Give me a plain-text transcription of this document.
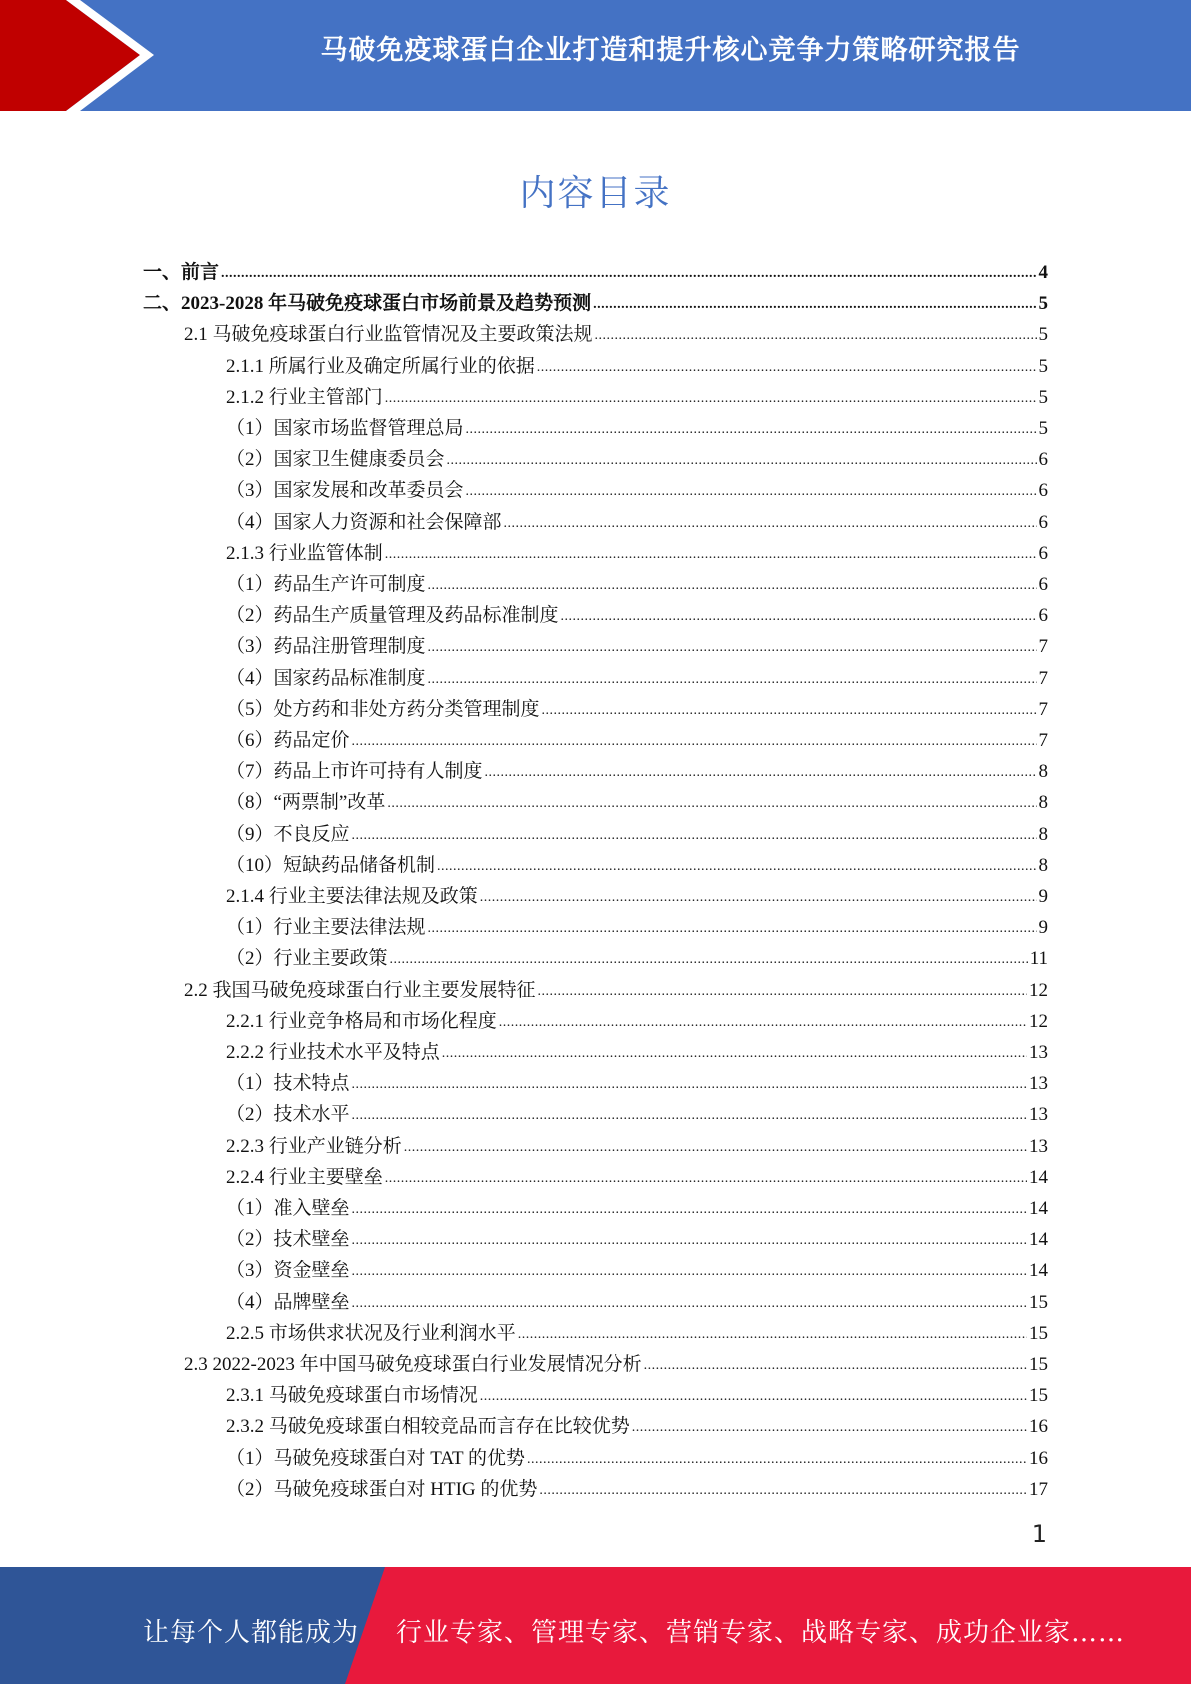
马破免疫球蛋白企业打造和提升核心竞争力策略研究报告
内容目录
一、前言 .....	4
二、2023-2028 年马破免疫球蛋白市场前景及趋势预测 .....	5
2.1 马破免疫球蛋白行业监管情况及主要政策法规 .....	5
2.1.1 所属行业及确定所属行业的依据 .....	5
2.1.2 行业主管部门 .....	5
（1）国家市场监督管理总局 .....	5
（2）国家卫生健康委员会 .....	6
（3）国家发展和改革委员会 .....	6
（4）国家人力资源和社会保障部 .....	6
2.1.3 行业监管体制 .....	6
（1）药品生产许可制度 .....	6
（2）药品生产质量管理及药品标准制度 .....	6
（3）药品注册管理制度 .....	7
（4）国家药品标准制度 .....	7
（5）处方药和非处方药分类管理制度 .....	7
（6）药品定价 .....	7
（7）药品上市许可持有人制度 .....	8
（8）“两票制”改革 .....	8
（9）不良反应 .....	8
（10）短缺药品储备机制 .....	8
2.1.4 行业主要法律法规及政策 .....	9
（1）行业主要法律法规 .....	9
（2）行业主要政策 .....	11
2.2 我国马破免疫球蛋白行业主要发展特征 .....	12
2.2.1 行业竞争格局和市场化程度 .....	12
2.2.2 行业技术水平及特点 .....	13
（1）技术特点 .....	13
（2）技术水平 .....	13
2.2.3 行业产业链分析 .....	13
2.2.4 行业主要壁垒 .....	14
（1）准入壁垒 .....	14
（2）技术壁垒 .....	14
（3）资金壁垒 .....	14
（4）品牌壁垒 .....	15
2.2.5 市场供求状况及行业利润水平 .....	15
2.3 2022-2023 年中国马破免疫球蛋白行业发展情况分析 .....	15
2.3.1 马破免疫球蛋白市场情况 .....	15
2.3.2 马破免疫球蛋白相较竞品而言存在比较优势 .....	16
（1）马破免疫球蛋白对 TAT 的优势 .....	16
（2）马破免疫球蛋白对 HTIG 的优势 .....	17
1
让每个人都能成为 行业专家、管理专家、营销专家、战略专家、成功企业家……
